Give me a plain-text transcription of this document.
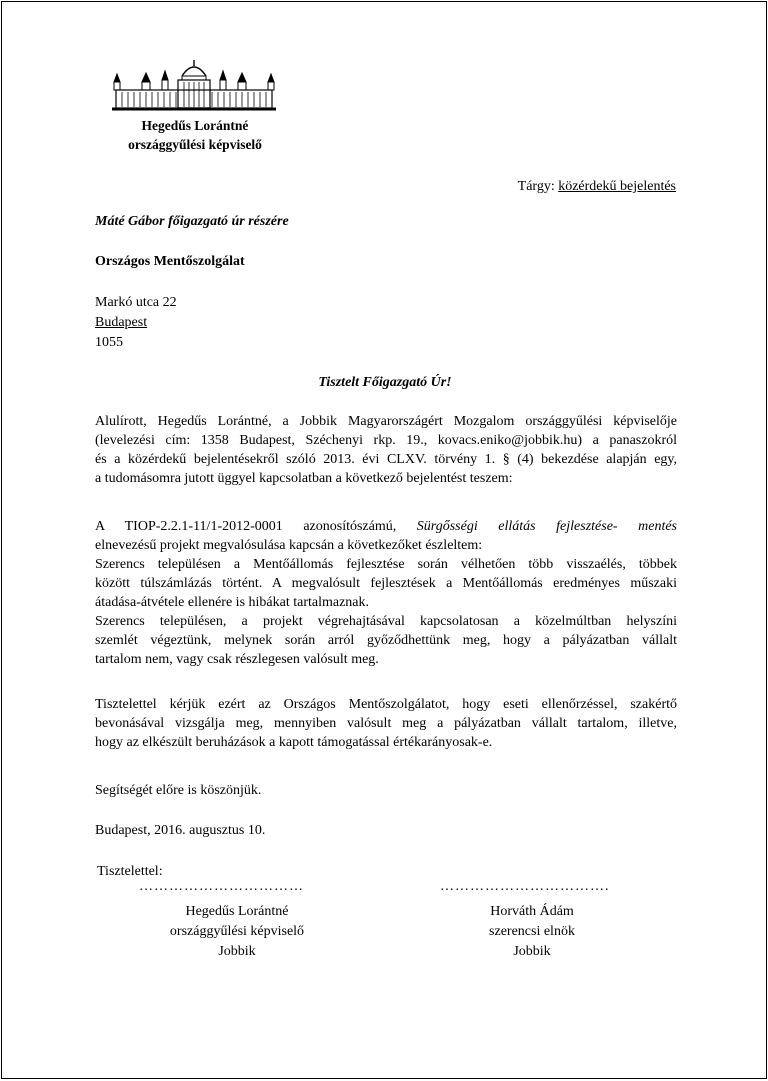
Hegedűs Lorántné
országgyűlési képviselő
Tárgy: közérdekű bejelentés
Máté Gábor főigazgató úr részére
Országos Mentőszolgálat
Markó utca 22
Budapest
1055
Tisztelt Főigazgató Úr!
Alulírott, Hegedűs Lorántné, a Jobbik Magyarországért Mozgalom országgyűlési képviselője
(levelezési cím: 1358 Budapest, Széchenyi rkp. 19., kovacs.eniko@jobbik.hu) a panaszokról
és a közérdekű bejelentésekről szóló 2013. évi CLXV. törvény 1. § (4) bekezdése alapján egy,
a tudomásomra jutott üggyel kapcsolatban a következő bejelentést teszem:
A TIOP-2.2.1-11/1-2012-0001 azonosítószámú, Sürgősségi ellátás fejlesztése- mentés
elnevezésű projekt megvalósulása kapcsán a következőket észleltem:
Szerencs településen a Mentőállomás fejlesztése során vélhetően több visszaélés, többek
között túlszámlázás történt. A megvalósult fejlesztések a Mentőállomás eredményes műszaki
átadása-átvétele ellenére is hibákat tartalmaznak.
Szerencs településen, a projekt végrehajtásával kapcsolatosan a közelmúltban helyszíni
szemlét végeztünk, melynek során arról győződhettünk meg, hogy a pályázatban vállalt
tartalom nem, vagy csak részlegesen valósult meg.
Tisztelettel kérjük ezért az Országos Mentőszolgálatot, hogy eseti ellenőrzéssel, szakértő
bevonásával vizsgálja meg, mennyiben valósult meg a pályázatban vállalt tartalom, illetve,
hogy az elkészült beruházások a kapott támogatással értékarányosak-e.
Segítségét előre is köszönjük.
Budapest, 2016. augusztus 10.
Tisztelettel:
……………………………
Hegedűs Lorántné
országgyűlési képviselő
Jobbik
…………………………….
Horváth Ádám
szerencsi elnök
Jobbik
